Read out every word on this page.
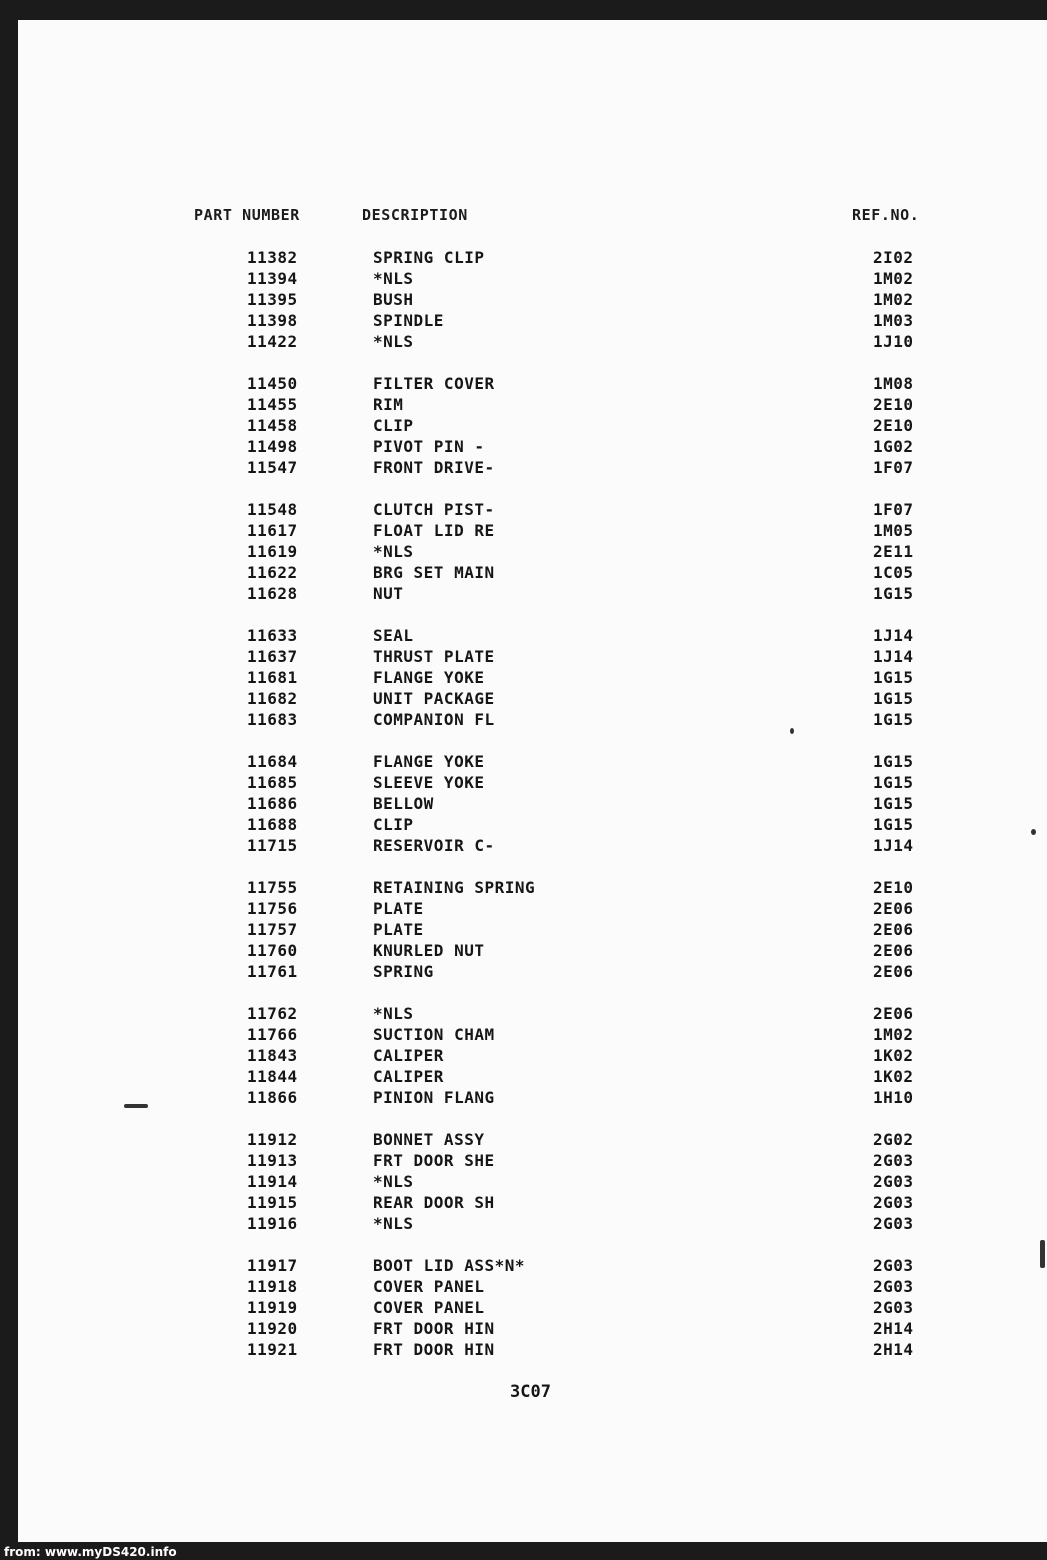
PART NUMBER	DESCRIPTION	REF.NO.
11382	SPRING CLIP	2I02
11394	*NLS	1M02
11395	BUSH	1M02
11398	SPINDLE	1M03
11422	*NLS	1J10
11450	FILTER COVER	1M08
11455	RIM	2E10
11458	CLIP	2E10
11498	PIVOT PIN -	1G02
11547	FRONT DRIVE-	1F07
11548	CLUTCH PIST-	1F07
11617	FLOAT LID RE	1M05
11619	*NLS	2E11
11622	BRG SET MAIN	1C05
11628	NUT	1G15
11633	SEAL	1J14
11637	THRUST PLATE	1J14
11681	FLANGE YOKE	1G15
11682	UNIT PACKAGE	1G15
11683	COMPANION FL	1G15
11684	FLANGE YOKE	1G15
11685	SLEEVE YOKE	1G15
11686	BELLOW	1G15
11688	CLIP	1G15
11715	RESERVOIR C-	1J14
11755	RETAINING SPRING	2E10
11756	PLATE	2E06
11757	PLATE	2E06
11760	KNURLED NUT	2E06
11761	SPRING	2E06
11762	*NLS	2E06
11766	SUCTION CHAM	1M02
11843	CALIPER	1K02
11844	CALIPER	1K02
11866	PINION FLANG	1H10
11912	BONNET ASSY	2G02
11913	FRT DOOR SHE	2G03
11914	*NLS	2G03
11915	REAR DOOR SH	2G03
11916	*NLS	2G03
11917	BOOT LID ASS*N*	2G03
11918	COVER PANEL	2G03
11919	COVER PANEL	2G03
11920	FRT DOOR HIN	2H14
11921	FRT DOOR HIN	2H14
3C07
from: www.myDS420.info
